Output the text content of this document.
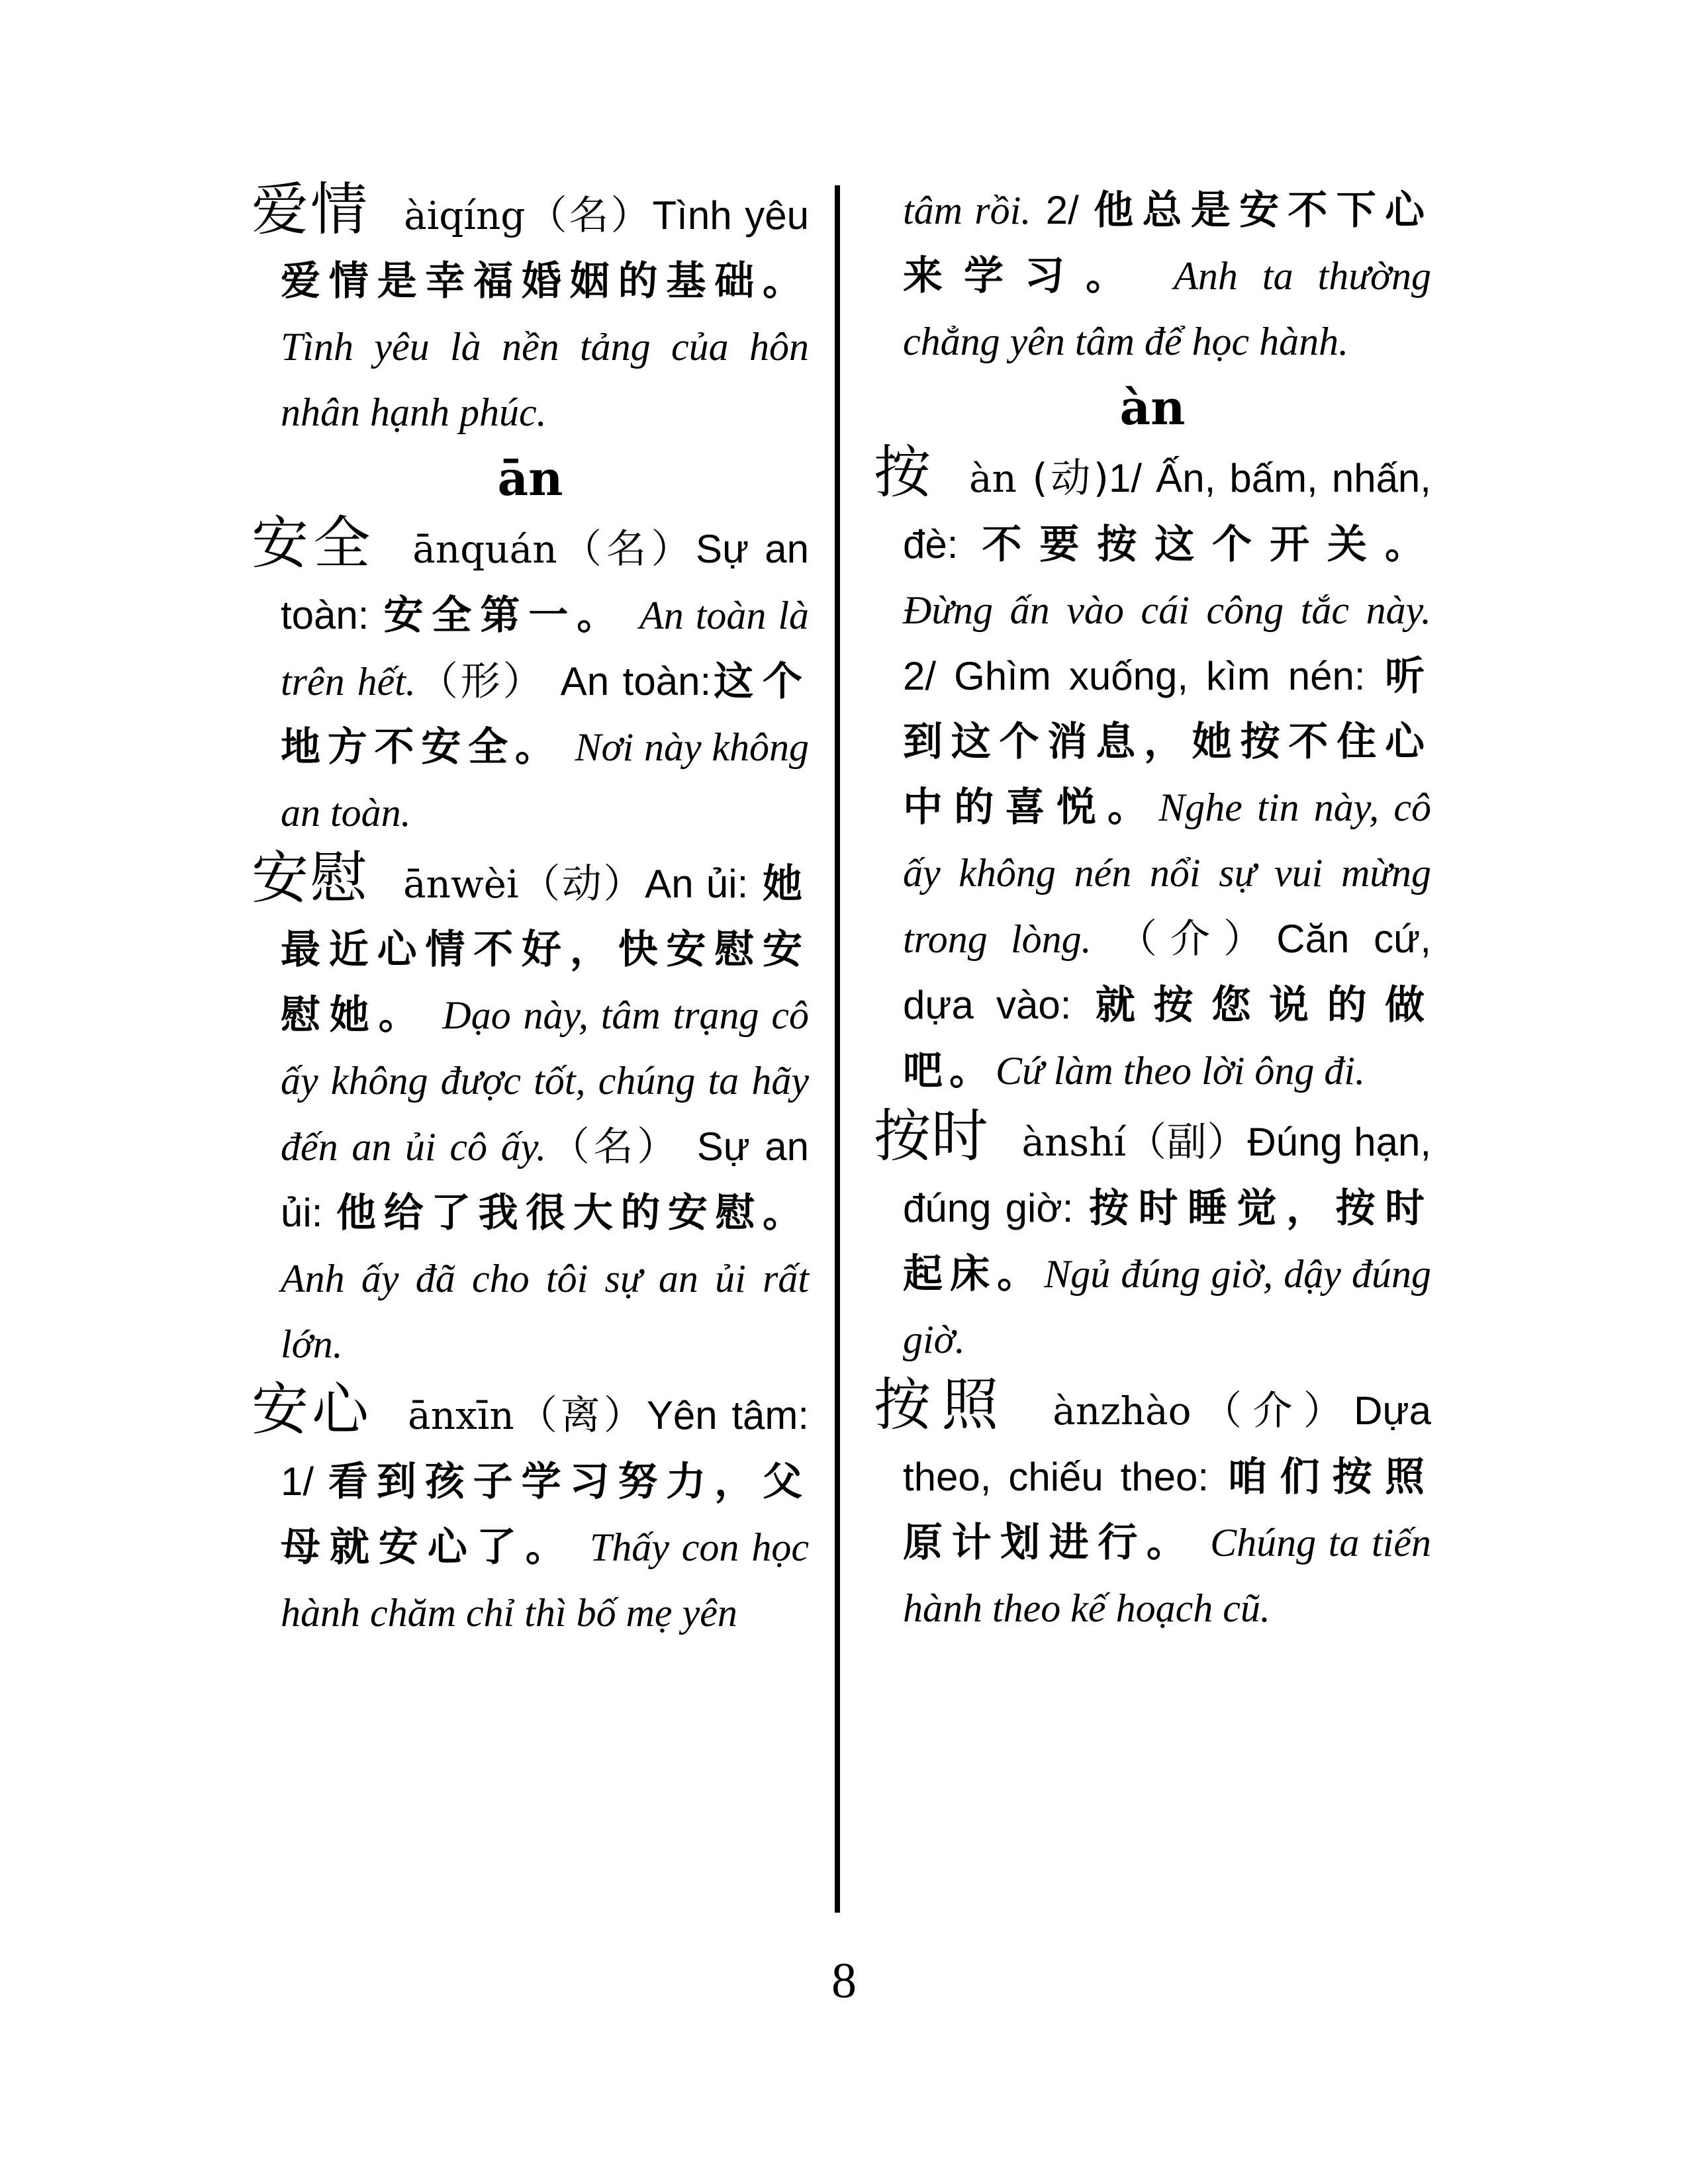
爱情 àiqíng（名）Tình yêu 爱情是幸福婚姻的基础。 Tình yêu là nền tảng của hôn nhân hạnh phúc.

ān

安全 ānquán（名）Sự an toàn: 安全第一。 An toàn là trên hết.（形） An toàn:这个地方不安全。 Nơi này không an toàn.

安慰 ānwèi（动）An ủi: 她最近心情不好，快安慰安慰她。 Dạo này, tâm trạng cô ấy không được tốt, chúng ta hãy đến an ủi cô ấy.（名） Sự an ủi: 他给了我很大的安慰。 Anh ấy đã cho tôi sự an ủi rất lớn.

安心 ānxīn（离）Yên tâm: 1/ 看到孩子学习努力，父母就安心了。 Thấy con học hành chăm chỉ thì bố mẹ yên

tâm rồi. 2/ 他总是安不下心来学习。 Anh ta thường chẳng yên tâm để học hành.

àn

按 àn (动)1/ Ấn, bấm, nhấn, đè: 不要按这个开关。Đừng ấn vào cái công tắc này. 2/ Ghìm xuống, kìm nén: 听到这个消息，她按不住心中的喜悦。Nghe tin này, cô ấy không nén nổi sự vui mừng trong lòng. （介）Căn cứ, dựa vào: 就按您说的做吧。Cứ làm theo lời ông đi.

按时 ànshí（副）Đúng hạn, đúng giờ: 按时睡觉，按时起床。Ngủ đúng giờ, dậy đúng giờ.

按照 ànzhào（介）Dựa theo, chiếu theo: 咱们按照原计划进行。 Chúng ta tiến hành theo kế hoạch cũ.

8
